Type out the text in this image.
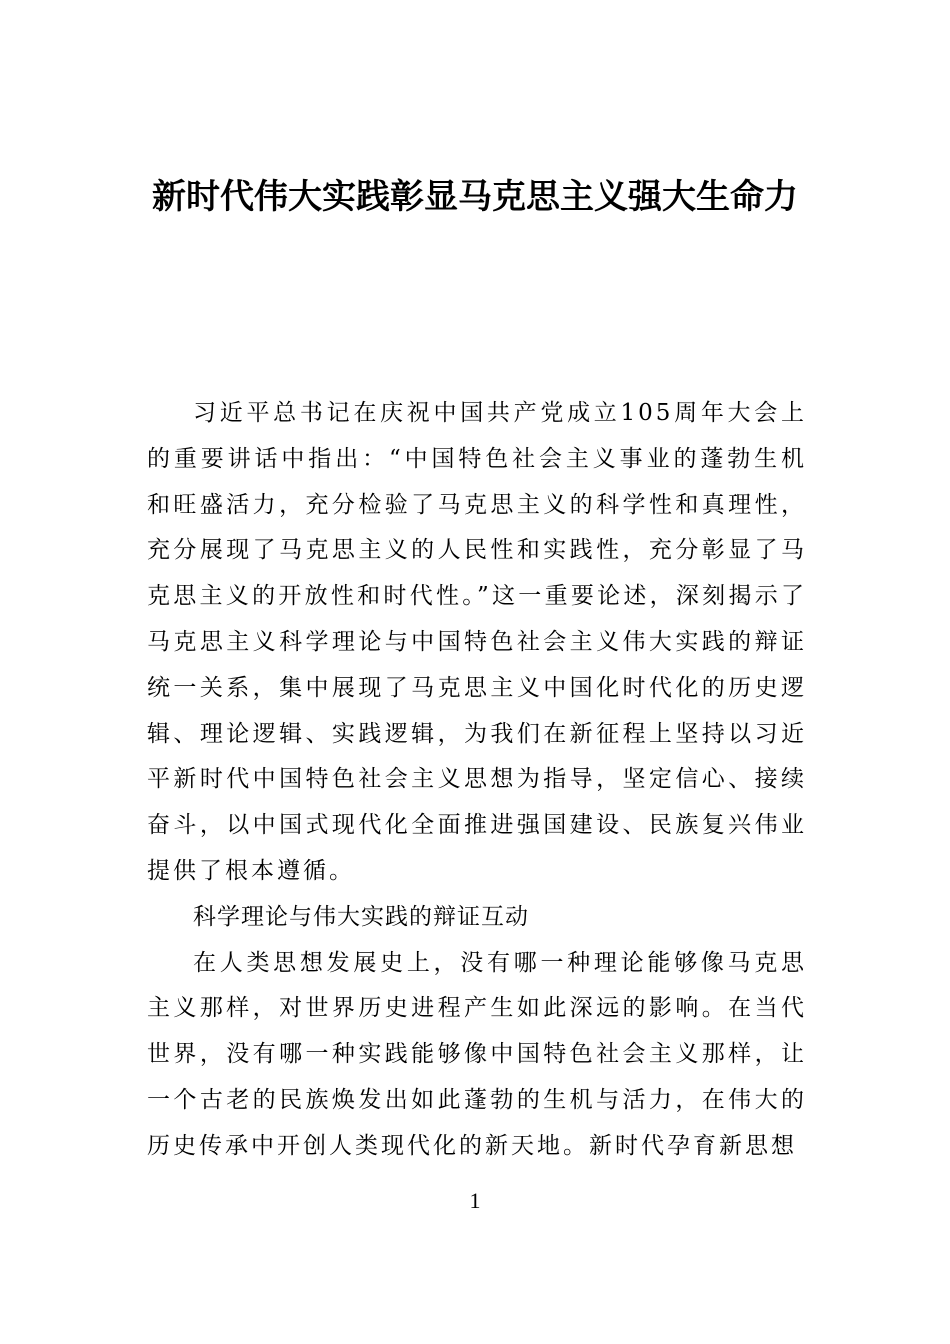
新时代伟大实践彰显马克思主义强大生命力

习近平总书记在庆祝中国共产党成立105周年大会上的重要讲话中指出：“中国特色社会主义事业的蓬勃生机和旺盛活力，充分检验了马克思主义的科学性和真理性，充分展现了马克思主义的人民性和实践性，充分彰显了马克思主义的开放性和时代性。”这一重要论述，深刻揭示了马克思主义科学理论与中国特色社会主义伟大实践的辩证统一关系，集中展现了马克思主义中国化时代化的历史逻辑、理论逻辑、实践逻辑，为我们在新征程上坚持以习近平新时代中国特色社会主义思想为指导，坚定信心、接续奋斗，以中国式现代化全面推进强国建设、民族复兴伟业提供了根本遵循。

科学理论与伟大实践的辩证互动

在人类思想发展史上，没有哪一种理论能够像马克思主义那样，对世界历史进程产生如此深远的影响。在当代世界，没有哪一种实践能够像中国特色社会主义那样，让一个古老的民族焕发出如此蓬勃的生机与活力，在伟大的历史传承中开创人类现代化的新天地。新时代孕育新思想

1
